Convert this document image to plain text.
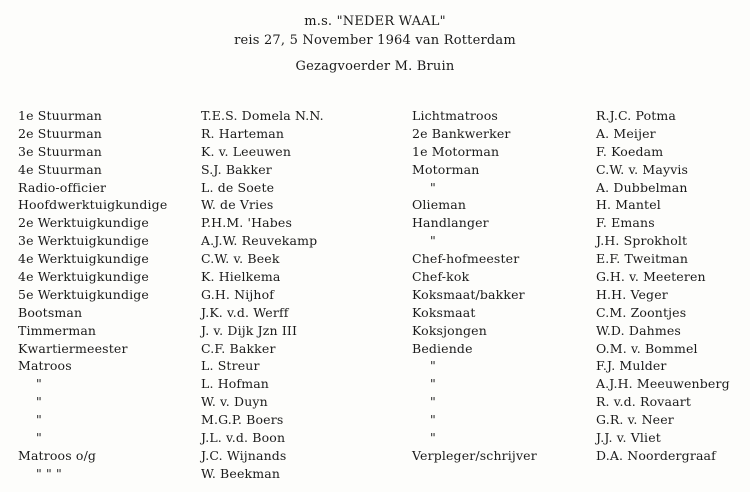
m.s. "NEDER WAAL"
reis 27, 5 November 1964 van Rotterdam
Gezagvoerder M. Bruin
1e Stuurman
2e Stuurman
3e Stuurman
4e Stuurman
Radio-officier
Hoofdwerktuigkundige
2e Werktuigkundige
3e Werktuigkundige
4e Werktuigkundige
4e Werktuigkundige
5e Werktuigkundige
Bootsman
Timmerman
Kwartiermeester
Matroos
"
"
"
"
Matroos o/g
" " "
T.E.S. Domela N.N.
R. Harteman
K. v. Leeuwen
S.J. Bakker
L. de Soete
W. de Vries
P.H.M. 'Habes
A.J.W. Reuvekamp
C.W. v. Beek
K. Hielkema
G.H. Nijhof
J.K. v.d. Werff
J. v. Dijk Jzn III
C.F. Bakker
L. Streur
L. Hofman
W. v. Duyn
M.G.P. Boers
J.L. v.d. Boon
J.C. Wijnands
W. Beekman
Lichtmatroos
2e Bankwerker
1e Motorman
Motorman
"
Olieman
Handlanger
"
Chef-hofmeester
Chef-kok
Koksmaat/bakker
Koksmaat
Koksjongen
Bediende
"
"
"
"
"
Verpleger/schrijver
R.J.C. Potma
A. Meijer
F. Koedam
C.W. v. Mayvis
A. Dubbelman
H. Mantel
F. Emans
J.H. Sprokholt
E.F. Tweitman
G.H. v. Meeteren
H.H. Veger
C.M. Zoontjes
W.D. Dahmes
O.M. v. Bommel
F.J. Mulder
A.J.H. Meeuwenberg
R. v.d. Rovaart
G.R. v. Neer
J.J. v. Vliet
D.A. Noordergraaf
